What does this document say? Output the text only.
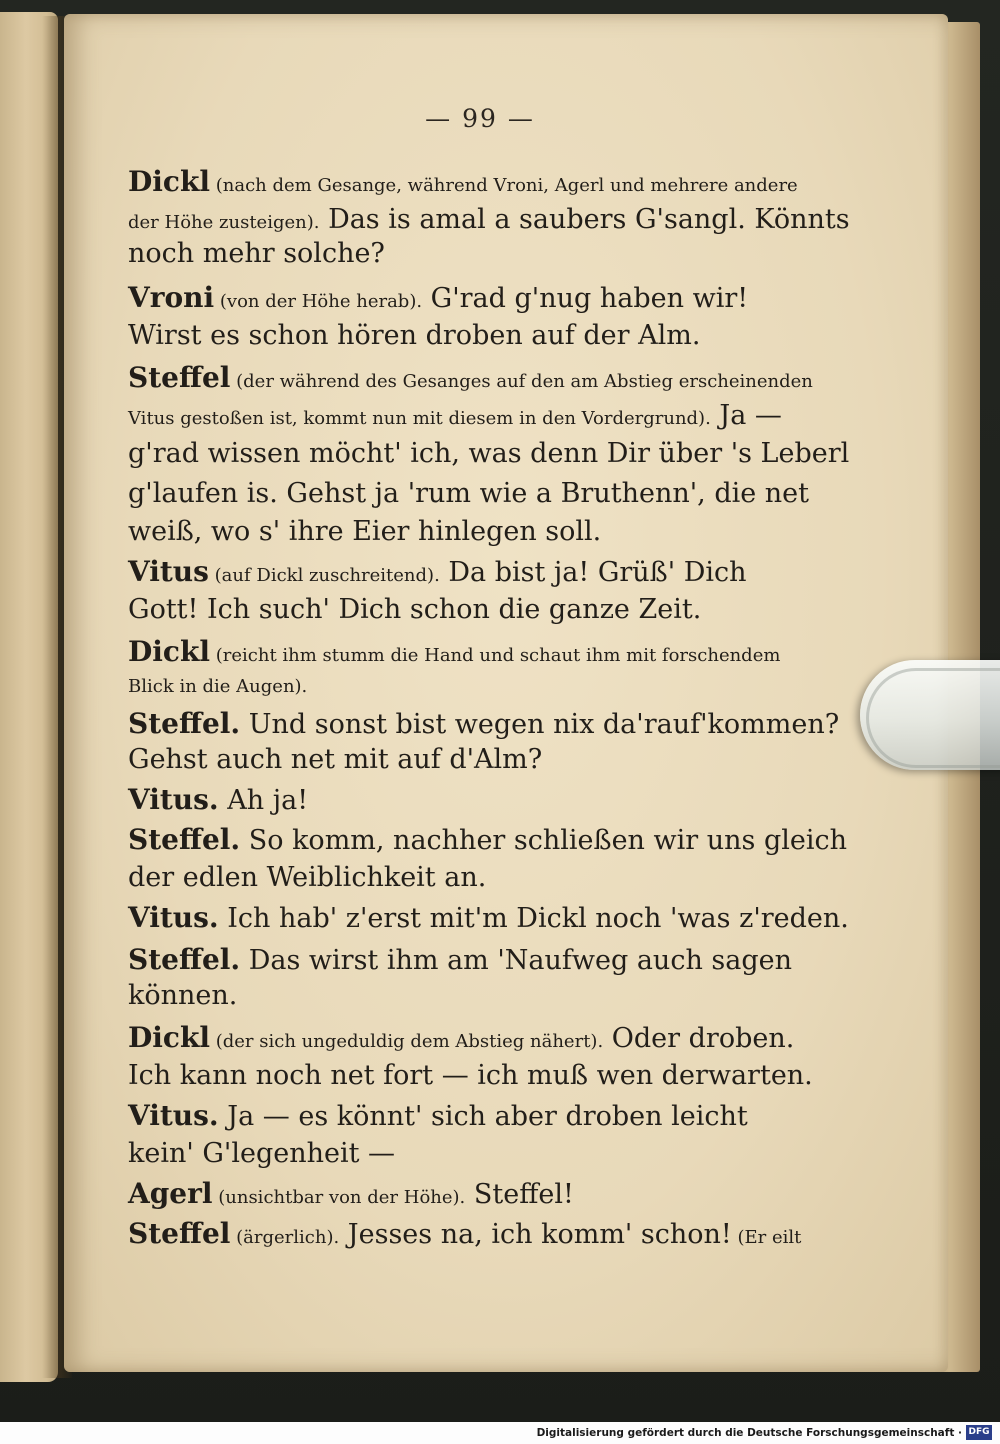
— 99 —
Dickl (nach dem Gesange, während Vroni, Agerl und mehrere andere
der Höhe zusteigen). Das is amal a saubers G'sangl. Könnts
noch mehr solche?
Vroni (von der Höhe herab). G'rad g'nug haben wir!
Wirst es schon hören droben auf der Alm.
Steffel (der während des Gesanges auf den am Abstieg erscheinenden
Vitus gestoßen ist, kommt nun mit diesem in den Vordergrund). Ja —
g'rad wissen möcht' ich, was denn Dir über 's Leberl
g'laufen is. Gehst ja 'rum wie a Bruthenn', die net
weiß, wo s' ihre Eier hinlegen soll.
Vitus (auf Dickl zuschreitend). Da bist ja! Grüß' Dich
Gott! Ich such' Dich schon die ganze Zeit.
Dickl (reicht ihm stumm die Hand und schaut ihm mit forschendem
Blick in die Augen).
Steffel. Und sonst bist wegen nix da'rauf'kommen?
Gehst auch net mit auf d'Alm?
Vitus. Ah ja!
Steffel. So komm, nachher schließen wir uns gleich
der edlen Weiblichkeit an.
Vitus. Ich hab' z'erst mit'm Dickl noch 'was z'reden.
Steffel. Das wirst ihm am 'Naufweg auch sagen
können.
Dickl (der sich ungeduldig dem Abstieg nähert). Oder droben.
Ich kann noch net fort — ich muß wen derwarten.
Vitus. Ja — es könnt' sich aber droben leicht
kein' G'legenheit —
Agerl (unsichtbar von der Höhe). Steffel!
Steffel (ärgerlich). Jesses na, ich komm' schon! (Er eilt
Digitalisierung gefördert durch die Deutsche Forschungsgemeinschaft · DFG
